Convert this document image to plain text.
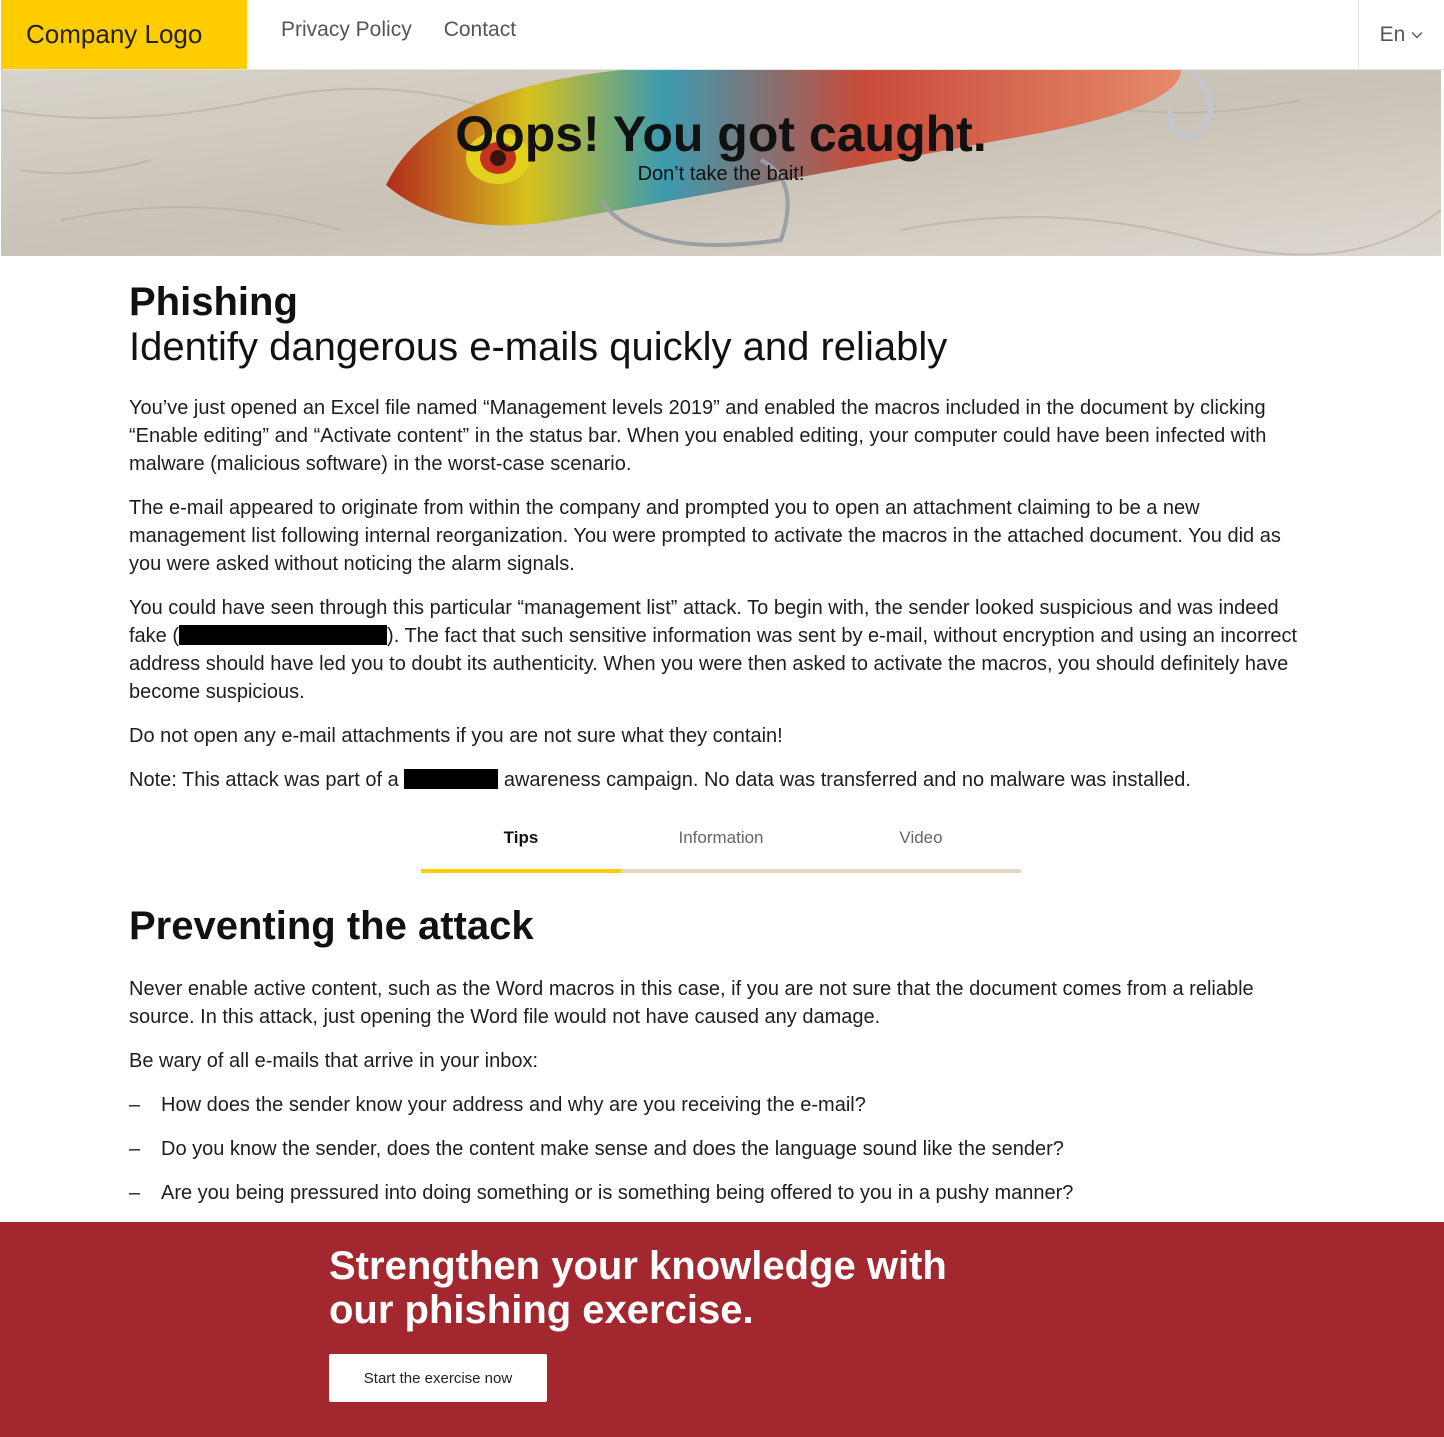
Company Logo	Privacy Policy Contact	En
Oops! You got caught.
Don’t take the bait!
Phishing
Identify dangerous e-mails quickly and reliably

You’ve just opened an Excel file named “Management levels 2019” and enabled the macros included in the document by clicking “Enable editing” and “Activate content” in the status bar. When you enabled editing, your computer could have been infected with malware (malicious software) in the worst-case scenario.

The e-mail appeared to originate from within the company and prompted you to open an attachment claiming to be a new management list following internal reorganization. You were prompted to activate the macros in the attached document. You did as you were asked without noticing the alarm signals.

You could have seen through this particular “management list” attack. To begin with, the sender looked suspicious and was indeed fake (	). The fact that such sensitive information was sent by e-mail, without encryption and using an incorrect address should have led you to doubt its authenticity. When you were then asked to activate the macros, you should definitely have become suspicious.

Do not open any e-mail attachments if you are not sure what they contain!

Note: This attack was part of a	awareness campaign. No data was transferred and no malware was installed.

Tips	Information	Video
Preventing the attack

Never enable active content, such as the Word macros in this case, if you are not sure that the document comes from a reliable source. In this attack, just opening the Word file would not have caused any damage.

Be wary of all e-mails that arrive in your inbox:

– How does the sender know your address and why are you receiving the e-mail?
– Do you know the sender, does the content make sense and does the language sound like the sender?
– Are you being pressured into doing something or is something being offered to you in a pushy manner?
Strengthen your knowledge with
our phishing exercise.
Start the exercise now
